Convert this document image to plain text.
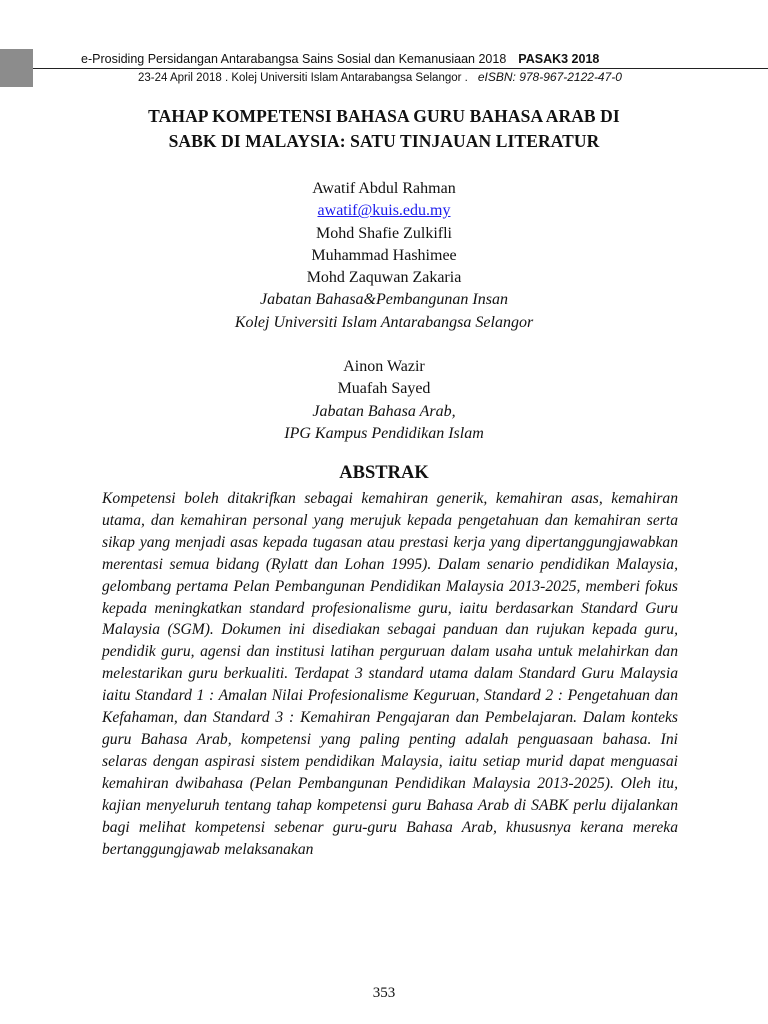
e-Prosiding Persidangan Antarabangsa Sains Sosial dan Kemanusiaan 2018 PASAK3 2018
23-24 April 2018 . Kolej Universiti Islam Antarabangsa Selangor . eISBN: 978-967-2122-47-0
TAHAP KOMPETENSI BAHASA GURU BAHASA ARAB DI
SABK DI MALAYSIA: SATU TINJAUAN LITERATUR
Awatif Abdul Rahman
awatif@kuis.edu.my
Mohd Shafie Zulkifli
Muhammad Hashimee
Mohd Zaquwan Zakaria
Jabatan Bahasa&Pembangunan Insan
Kolej Universiti Islam Antarabangsa Selangor
Ainon Wazir
Muafah Sayed
Jabatan Bahasa Arab,
IPG Kampus Pendidikan Islam
ABSTRAK
Kompetensi boleh ditakrifkan sebagai kemahiran generik, kemahiran asas, kemahiran utama, dan kemahiran personal yang merujuk kepada pengetahuan dan kemahiran serta sikap yang menjadi asas kepada tugasan atau prestasi kerja yang dipertanggungjawabkan merentasi semua bidang (Rylatt dan Lohan 1995). Dalam senario pendidikan Malaysia, gelombang pertama Pelan Pembangunan Pendidikan Malaysia 2013-2025, memberi fokus kepada meningkatkan standard profesionalisme guru, iaitu berdasarkan Standard Guru Malaysia (SGM). Dokumen ini disediakan sebagai panduan dan rujukan kepada guru, pendidik guru, agensi dan institusi latihan perguruan dalam usaha untuk melahirkan dan melestarikan guru berkualiti. Terdapat 3 standard utama dalam Standard Guru Malaysia iaitu Standard 1 : Amalan Nilai Profesionalisme Keguruan, Standard 2 : Pengetahuan dan Kefahaman, dan Standard 3 : Kemahiran Pengajaran dan Pembelajaran. Dalam konteks guru Bahasa Arab, kompetensi yang paling penting adalah penguasaan bahasa. Ini selaras dengan aspirasi sistem pendidikan Malaysia, iaitu setiap murid dapat menguasai kemahiran dwibahasa (Pelan Pembangunan Pendidikan Malaysia 2013-2025). Oleh itu, kajian menyeluruh tentang tahap kompetensi guru Bahasa Arab di SABK perlu dijalankan bagi melihat kompetensi sebenar guru-guru Bahasa Arab, khususnya kerana mereka bertanggungjawab melaksanakan
353
